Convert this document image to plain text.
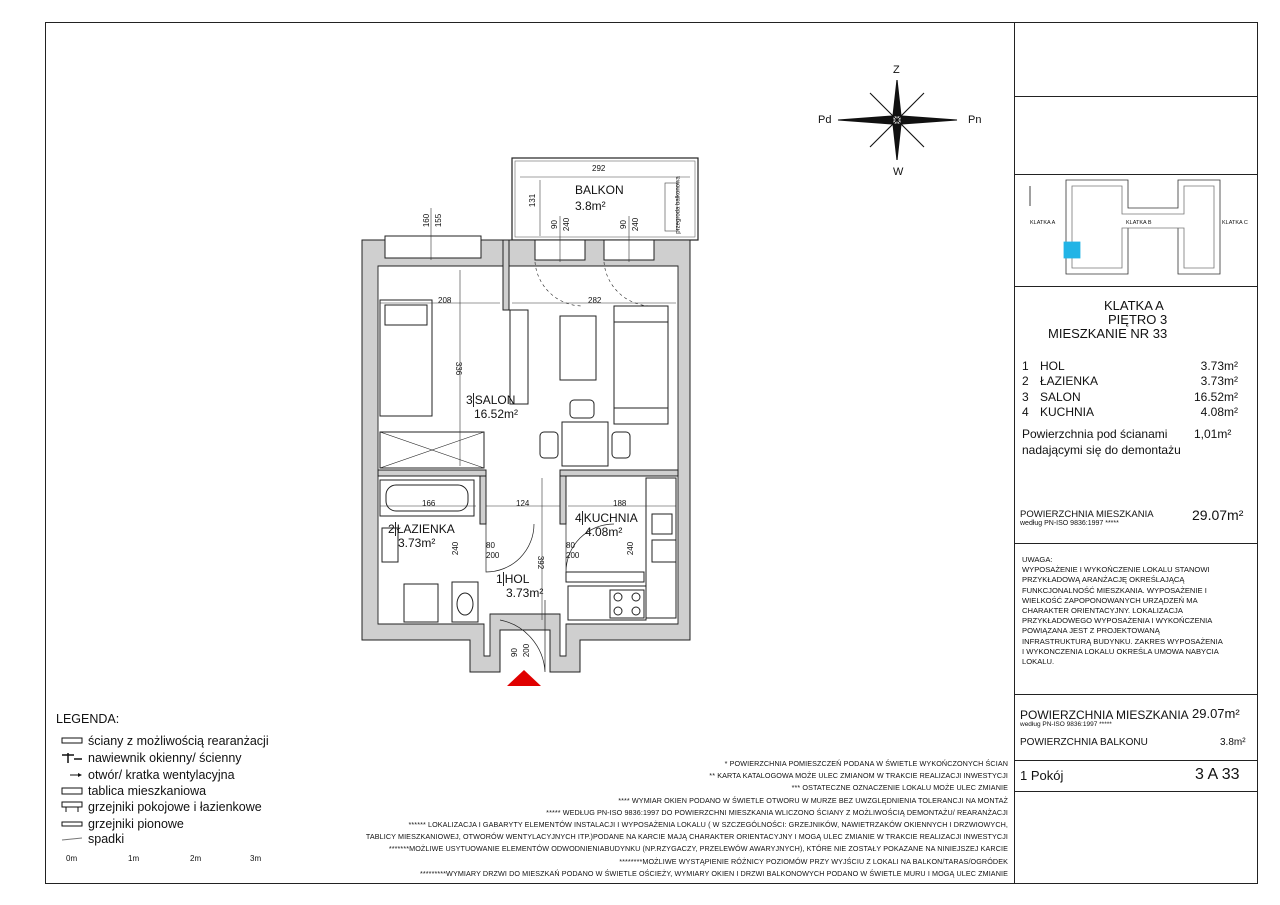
Z
W
Pd	Pn
292
131
BALKON
3.8m²	przegroda balkonowa
160 155	90 240	90 240
208	282
336
166	124	188
240	240
392
80
200
80
200
90 200
3 SALON
16.52m²
2 ŁAZIENKA
3.73m²
4 KUCHNIA
4.08m²
1 HOL
3.73m²
KLATKA A	KLATKA B	KLATKA C
KLATKA A
PIĘTRO 3
MIESZKANIE NR 33
1	HOL	3.73m²
2	ŁAZIENKA	3.73m²
3	SALON	16.52m²
4	KUCHNIA	4.08m²
Powierzchnia pod ścianami
nadającymi się do demontażu
1,01m²
POWIERZCHNIA MIESZKANIA
według PN-ISO 9836:1997 *****
29.07m²
UWAGA:
WYPOSAŻENIE I WYKOŃCZENIE LOKALU STANOWI
PRZYKŁADOWĄ ARANŻACJĘ OKREŚLAJĄCĄ
FUNKCJONALNOŚĆ MIESZKANIA. WYPOSAŻENIE I
WIELKOŚĆ ZAPOPONOWANYCH URZĄDZEŃ MA
CHARAKTER ORIENTACYJNY. LOKALIZACJA
PRZYKŁADOWEGO WYPOSAŻENIA I WYKOŃCZENIA
POWIĄZANA JEST Z PROJEKTOWANĄ
INFRASTRUKTURĄ BUDYNKU. ZAKRES WYPOSAŻENIA
I WYKONCZENIA LOKALU OKREŚLA UMOWA NABYCIA
LOKALU.
POWIERZCHNIA MIESZKANIA 29.07m²
według PN-ISO 9836:1997 *****
POWIERZCHNIA BALKONU	3.8m²
1 Pokój	3 A 33
LEGENDA:
ściany z możliwością rearanżacji
nawiewnik okienny/ ścienny
otwór/ kratka wentylacyjna
tablica mieszkaniowa
grzejniki pokojowe i łazienkowe
grzejniki pionowe
spadki
0m	1m	2m	3m
* POWIERZCHNIA POMIESZCZEŃ PODANA W ŚWIETLE WYKOŃCZONYCH ŚCIAN
** KARTA KATALOGOWA MOŻE ULEC ZMIANOM W TRAKCIE REALIZACJI INWESTYCJI
*** OSTATECZNE OZNACZENIE LOKALU MOŻE ULEC ZMIANIE
**** WYMIAR OKIEN PODANO W ŚWIETLE OTWORU W MURZE BEZ UWZGLĘDNIENIA TOLERANCJI NA MONTAŻ
***** WEDŁUG PN-ISO 9836:1997 DO POWIERZCHNI MIESZKANIA WLICZONO ŚCIANY Z MOŻLIWOŚCIĄ DEMONTAŻU/ REARANŻACJI
****** LOKALIZACJA I GABARYTY ELEMENTÓW INSTALACJI I WYPOSAŻENIA LOKALU ( W SZCZEGÓLNOŚCI: GRZEJNIKÓW, NAWIETRZAKÓW OKIENNYCH I DRZWIOWYCH,
TABLICY MIESZKANIOWEJ, OTWORÓW WENTYLACYJNYCH ITP.)PODANE NA KARCIE MAJĄ CHARAKTER ORIENTACYJNY I MOGĄ ULEC ZMIANIE W TRAKCIE REALIZACJI INWESTYCJI
*******MOŻLIWE USYTUOWANIE ELEMENTÓW ODWODNIENIABUDYNKU (NP.RZYGACZY, PRZELEWÓW AWARYJNYCH), KTÓRE NIE ZOSTAŁY POKAZANE NA NINIEJSZEJ KARCIE
********MOŻLIWE WYSTĄPIENIE RÓŻNICY POZIOMÓW PRZY WYJŚCIU Z LOKALI NA BALKON/TARAS/OGRÓDEK
*********WYMIARY DRZWI DO MIESZKAŃ PODANO W ŚWIETLE OŚCIEŻY, WYMIARY OKIEN I DRZWI BALKONOWYCH PODANO W ŚWIETLE MURU I MOGĄ ULEC ZMIANIE
